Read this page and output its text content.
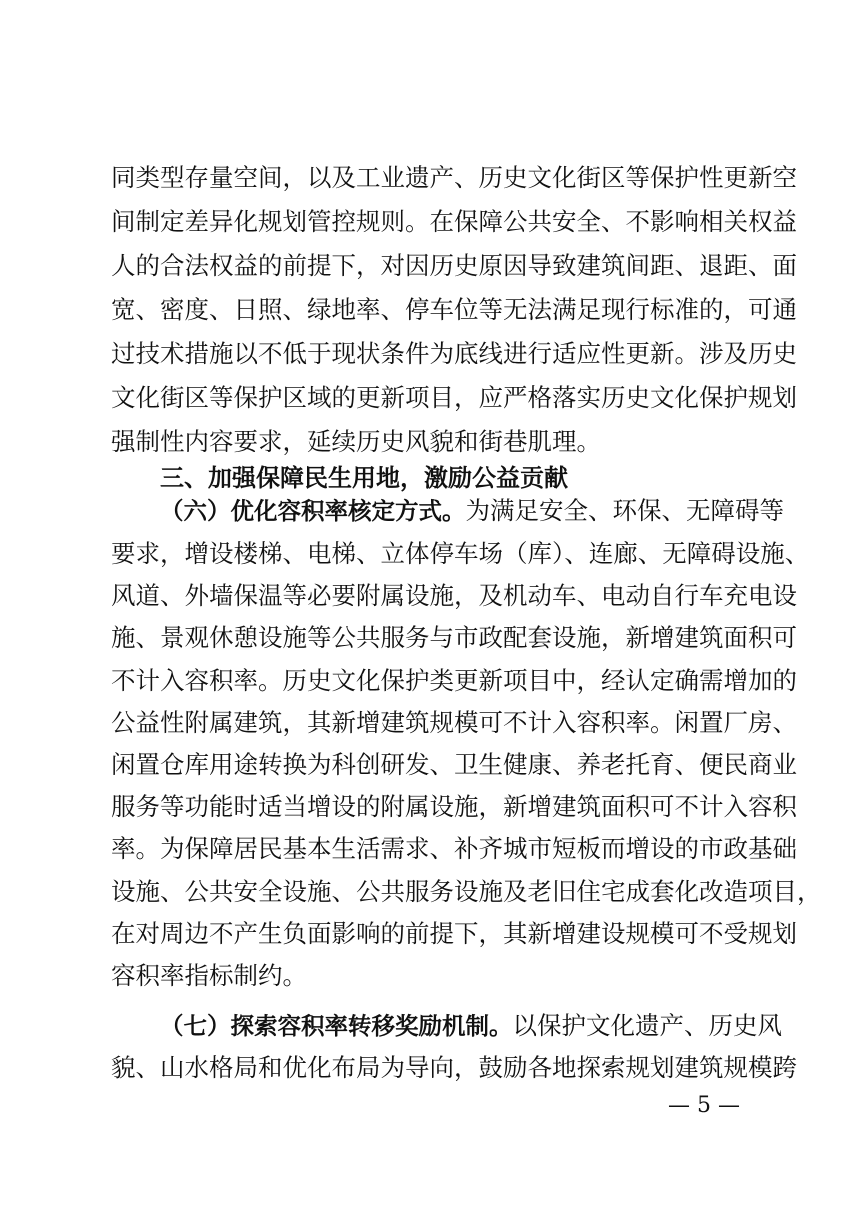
同类型存量空间，以及工业遗产、历史文化街区等保护性更新空
间制定差异化规划管控规则。在保障公共安全、不影响相关权益
人的合法权益的前提下，对因历史原因导致建筑间距、退距、面
宽、密度、日照、绿地率、停车位等无法满足现行标准的，可通
过技术措施以不低于现状条件为底线进行适应性更新。涉及历史
文化街区等保护区域的更新项目，应严格落实历史文化保护规划
强制性内容要求，延续历史风貌和街巷肌理。
三、加强保障民生用地，激励公益贡献
（六）优化容积率核定方式。为满足安全、环保、无障碍等
要求，增设楼梯、电梯、立体停车场（库）、连廊、无障碍设施、
风道、外墙保温等必要附属设施，及机动车、电动自行车充电设
施、景观休憩设施等公共服务与市政配套设施，新增建筑面积可
不计入容积率。历史文化保护类更新项目中，经认定确需增加的
公益性附属建筑，其新增建筑规模可不计入容积率。闲置厂房、
闲置仓库用途转换为科创研发、卫生健康、养老托育、便民商业
服务等功能时适当增设的附属设施，新增建筑面积可不计入容积
率。为保障居民基本生活需求、补齐城市短板而增设的市政基础
设施、公共安全设施、公共服务设施及老旧住宅成套化改造项目，
在对周边不产生负面影响的前提下，其新增建设规模可不受规划
容积率指标制约。
— 5 —
（七）探索容积率转移奖励机制。以保护文化遗产、历史风
貌、山水格局和优化布局为导向，鼓励各地探索规划建筑规模跨
